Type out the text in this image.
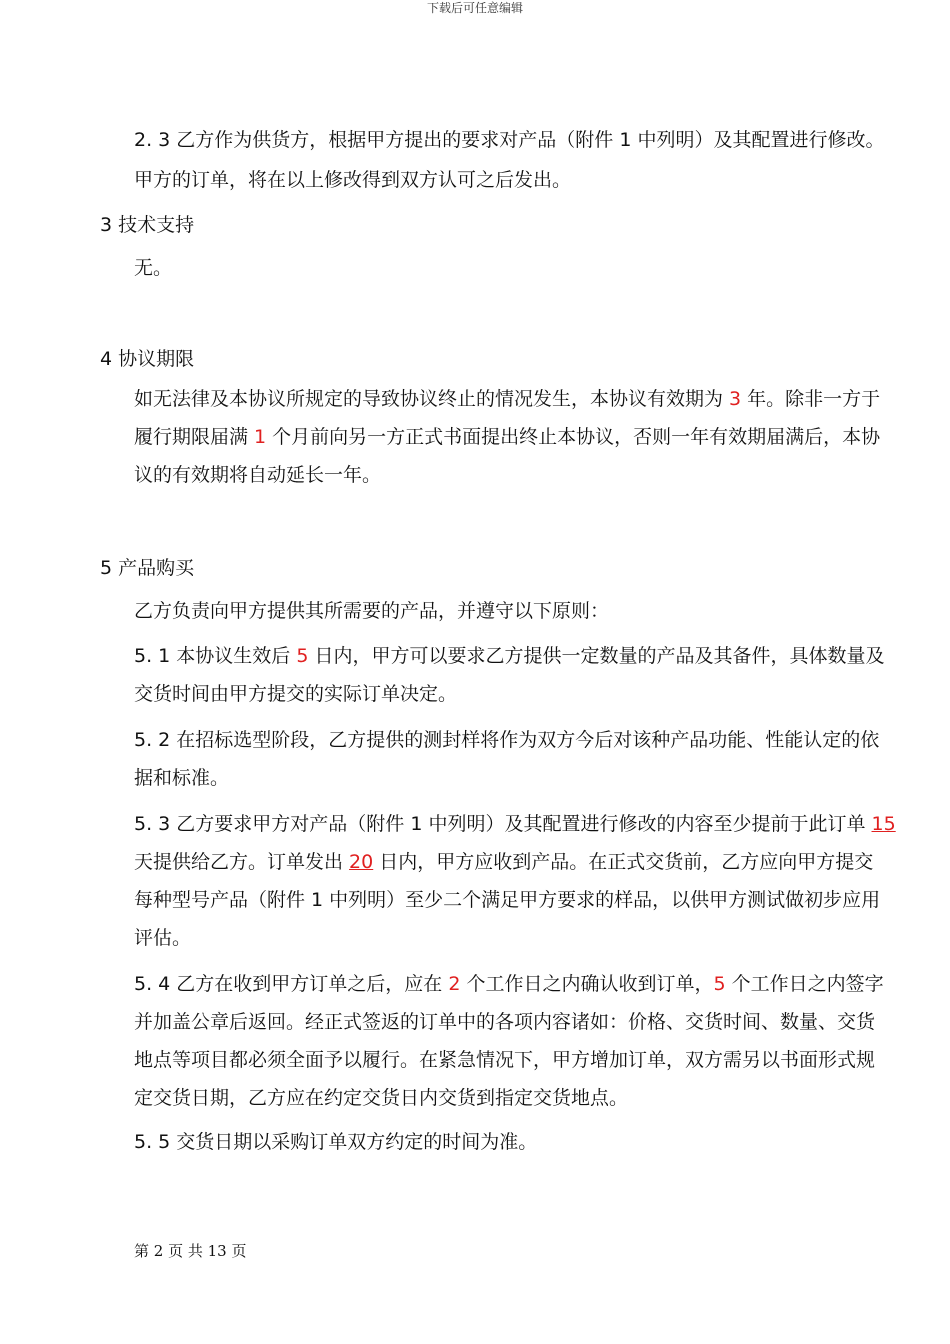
下载后可任意编辑
2. 3 乙方作为供货方，根据甲方提出的要求对产品（附件 1 中列明）及其配置进行修改。
甲方的订单，将在以上修改得到双方认可之后发出。
3 技术支持
无。
4 协议期限
如无法律及本协议所规定的导致协议终止的情况发生，本协议有效期为 3 年。除非一方于
履行期限届满 1 个月前向另一方正式书面提出终止本协议，否则一年有效期届满后，本协
议的有效期将自动延长一年。
5 产品购买
乙方负责向甲方提供其所需要的产品，并遵守以下原则：
5. 1 本协议生效后 5 日内，甲方可以要求乙方提供一定数量的产品及其备件，具体数量及
交货时间由甲方提交的实际订单决定。
5. 2 在招标选型阶段，乙方提供的测封样将作为双方今后对该种产品功能、性能认定的依
据和标准。
5. 3 乙方要求甲方对产品（附件 1 中列明）及其配置进行修改的内容至少提前于此订单 15
天提供给乙方。订单发出 20 日内，甲方应收到产品。在正式交货前，乙方应向甲方提交
每种型号产品（附件 1 中列明）至少二个满足甲方要求的样品，以供甲方测试做初步应用
评估。
5. 4 乙方在收到甲方订单之后，应在 2 个工作日之内确认收到订单，5 个工作日之内签字
并加盖公章后返回。经正式签返的订单中的各项内容诸如：价格、交货时间、数量、交货
地点等项目都必须全面予以履行。在紧急情况下，甲方增加订单，双方需另以书面形式规
定交货日期，乙方应在约定交货日内交货到指定交货地点。
5. 5 交货日期以采购订单双方约定的时间为准。
第 2 页 共 13 页
